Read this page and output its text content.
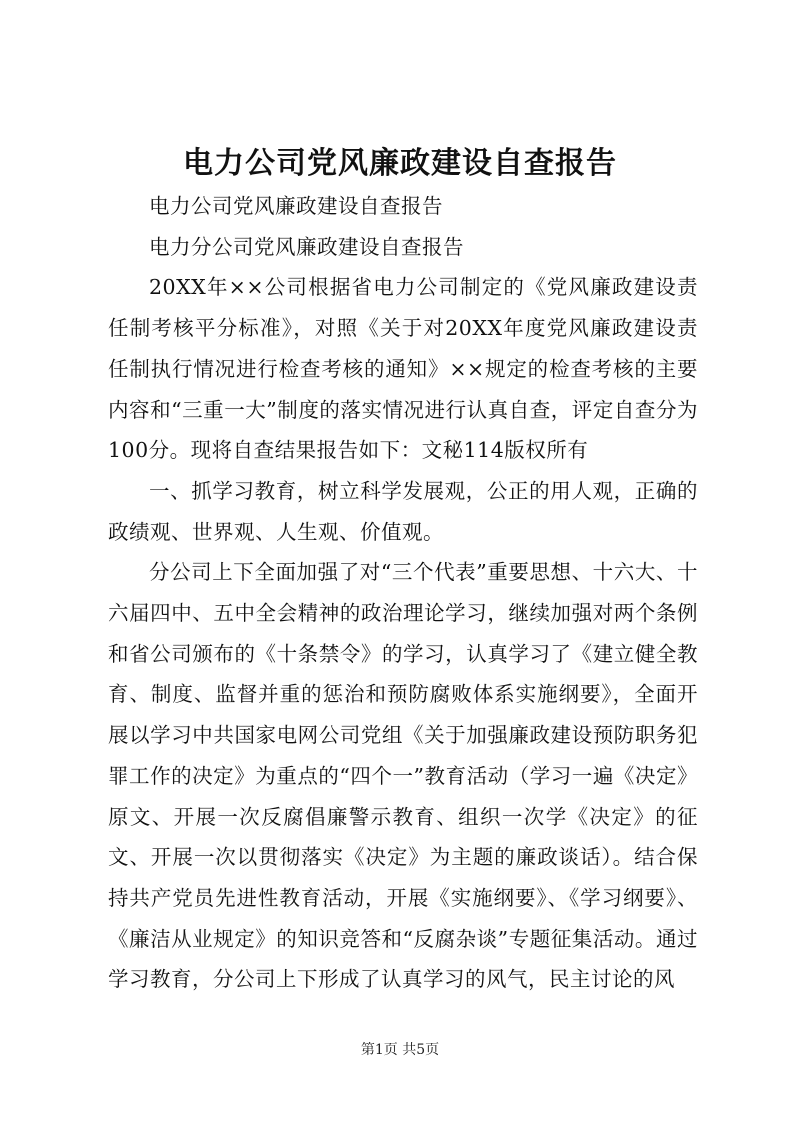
电力公司党风廉政建设自查报告

电力公司党风廉政建设自查报告

电力分公司党风廉政建设自查报告

20XX年××公司根据省电力公司制定的《党风廉政建设责任制考核平分标准》，对照《关于对20XX年度党风廉政建设责任制执行情况进行检查考核的通知》××规定的检查考核的主要内容和“三重一大”制度的落实情况进行认真自查，评定自查分为100分。现将自查结果报告如下：文秘114版权所有

一、抓学习教育，树立科学发展观，公正的用人观，正确的政绩观、世界观、人生观、价值观。

分公司上下全面加强了对“三个代表”重要思想、十六大、十六届四中、五中全会精神的政治理论学习，继续加强对两个条例和省公司颁布的《十条禁令》的学习，认真学习了《建立健全教育、制度、监督并重的惩治和预防腐败体系实施纲要》，全面开展以学习中共国家电网公司党组《关于加强廉政建设预防职务犯罪工作的决定》为重点的“四个一”教育活动（学习一遍《决定》原文、开展一次反腐倡廉警示教育、组织一次学《决定》的征文、开展一次以贯彻落实《决定》为主题的廉政谈话）。结合保持共产党员先进性教育活动，开展《实施纲要》、《学习纲要》、《廉洁从业规定》的知识竞答和“反腐杂谈”专题征集活动。通过学习教育，分公司上下形成了认真学习的风气，民主讨论的风

第1页 共5页
